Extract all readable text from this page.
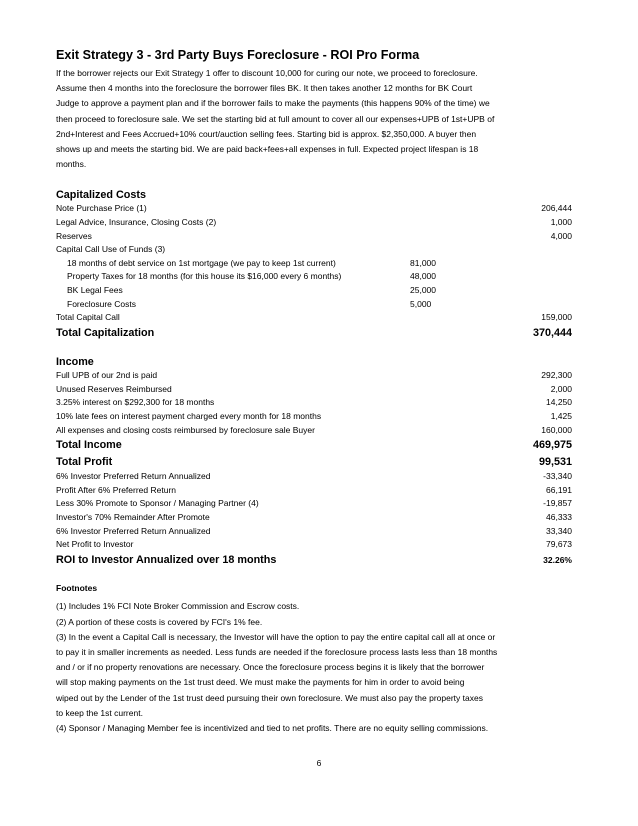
Exit Strategy 3 - 3rd Party Buys Foreclosure - ROI Pro Forma

If the borrower rejects our Exit Strategy 1 offer to discount 10,000 for curing our note, we proceed to foreclosure.

Assume then 4 months into the foreclosure the borrower files BK. It then takes another 12 months for BK Court

Judge to approve a payment plan and if the borrower fails to make the payments (this happens 90% of the time) we

then proceed to foreclosure sale. We set the starting bid at full amount to cover all our expenses+UPB of 1st+UPB of

2nd+Interest and Fees Accrued+10% court/auction selling fees. Starting bid is approx. $2,350,000. A buyer then

shows up and meets the starting bid. We are paid back+fees+all expenses in full. Expected project lifespan is 18

months.

Capitalized Costs
Note Purchase Price (1)	206,444
Legal Advice, Insurance, Closing Costs (2)	1,000
Reserves	4,000
Capital Call Use of Funds (3)
18 months of debt service on 1st mortgage (we pay to keep 1st current)	81,000
Property Taxes for 18 months (for this house its $16,000 every 6 months)	48,000
BK Legal Fees	25,000
Foreclosure Costs	5,000
Total Capital Call	159,000
Total Capitalization	370,444
Income
Full UPB of our 2nd is paid	292,300
Unused Reserves Reimbursed	2,000
3.25% interest on $292,300 for 18 months	14,250
10% late fees on interest payment charged every month for 18 months	1,425
All expenses and closing costs reimbursed by foreclosure sale Buyer	160,000
Total Income	469,975
Total Profit	99,531
6% Investor Preferred Return Annualized	-33,340
Profit After 6% Preferred Return	66,191
Less 30% Promote to Sponsor / Managing Partner (4)	-19,857
Investor's 70% Remainder After Promote	46,333
6% Investor Preferred Return Annualized	33,340
Net Profit to Investor	79,673
ROI to Investor Annualized over 18 months	32.26%
Footnotes

(1) Includes 1% FCI Note Broker Commission and Escrow costs.

(2) A portion of these costs is covered by FCI's 1% fee.

(3) In the event a Capital Call is necessary, the Investor will have the option to pay the entire capital call all at once or

to pay it in smaller increments as needed. Less funds are needed if the foreclosure process lasts less than 18 months

and / or if no property renovations are necessary. Once the foreclosure process begins it is likely that the borrower

will stop making payments on the 1st trust deed. We must make the payments for him in order to avoid being

wiped out by the Lender of the 1st trust deed pursuing their own foreclosure. We must also pay the property taxes

to keep the 1st current.

(4) Sponsor / Managing Member fee is incentivized and tied to net profits. There are no equity selling commissions.

6
